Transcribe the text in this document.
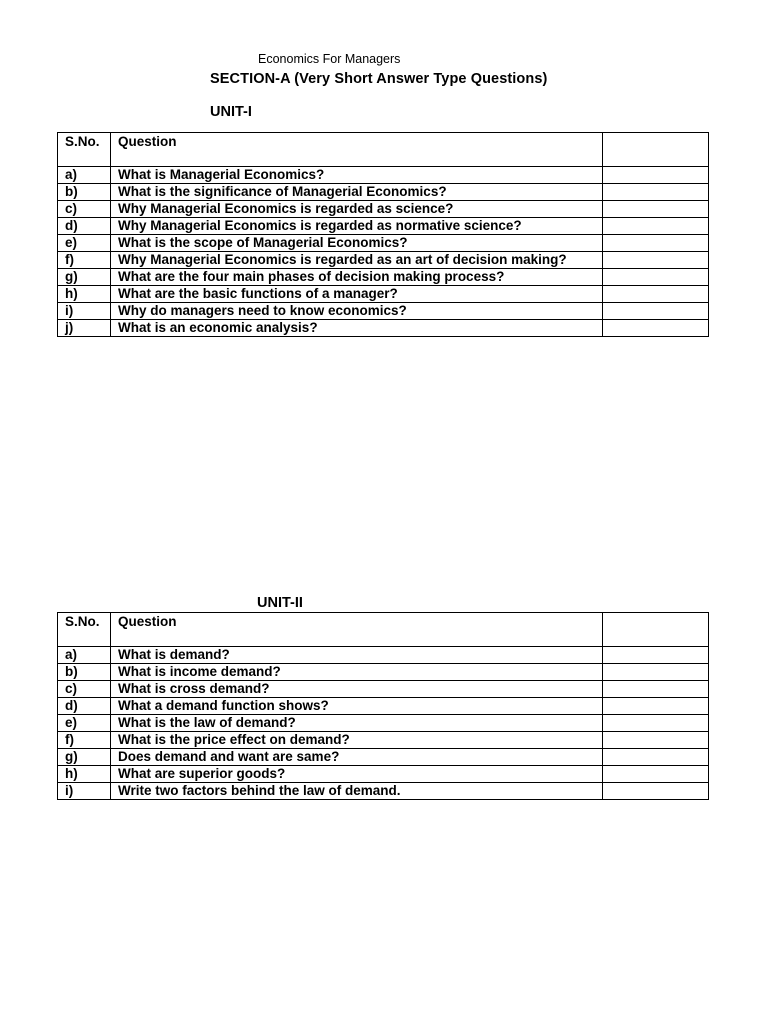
Economics For Managers
SECTION-A (Very Short Answer Type Questions)
UNIT-I
S.No.	Question	
a)	What is Managerial Economics?	
b)	What is the significance of Managerial Economics?	
c)	Why Managerial Economics is regarded as science?	
d)	Why Managerial Economics is regarded as normative science?	
e)	What is the scope of Managerial Economics?	
f)	Why Managerial Economics is regarded as an art of decision making?	
g)	What are the four main phases of decision making process?	
h)	What are the basic functions of a manager?	
i)	Why do managers need to know economics?	
j)	What is an economic analysis?	
UNIT-II
S.No.	Question	
a)	What is demand?	
b)	What is income demand?	
c)	What is cross demand?	
d)	What a demand function shows?	
e)	What is the law of demand?	
f)	What is the price effect on demand?	
g)	Does demand and want are same?	
h)	What are superior goods?	
i)	Write two factors behind the law of demand.	
